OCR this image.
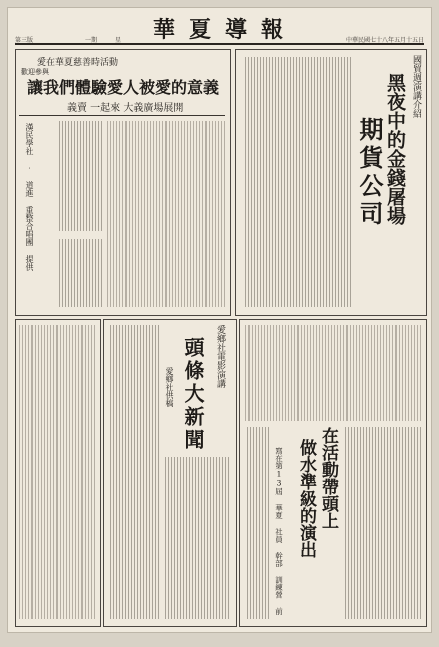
第三版	一期	星	華夏導報	中華民國七十八年五月十五日
國貿週演講介紹
黑夜中的金錢屠場
期貨公司
愛在華夏慈善時活動
歡迎參與
讓我們體驗愛人被愛的意義
義賣 一起來 大義廣場展開
漢民學社 ‧ 道進 重整合唱團 提供
愛鄉社電影演講
頭條大新聞
愛鄉社供稿
在活動帶頭上
做水準級的演出
寫在第13屆 華夏 社員 幹部 訓練營 前
